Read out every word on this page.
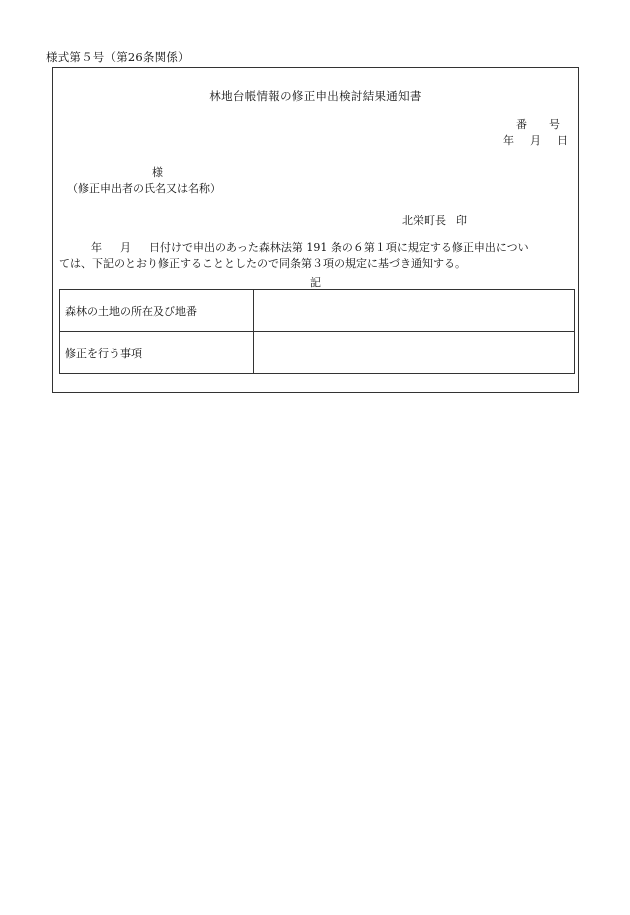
様式第５号（第26条関係）
林地台帳情報の修正申出検討結果通知書
番 号
年 月 日
様
（修正申出者の氏名又は名称）
北栄町長 印
年 月 日付けで申出のあった森林法第 191 条の６第１項に規定する修正申出につい
ては、下記のとおり修正することとしたので同条第３項の規定に基づき通知する。
記
森林の土地の所在及び地番	
修正を行う事項	
